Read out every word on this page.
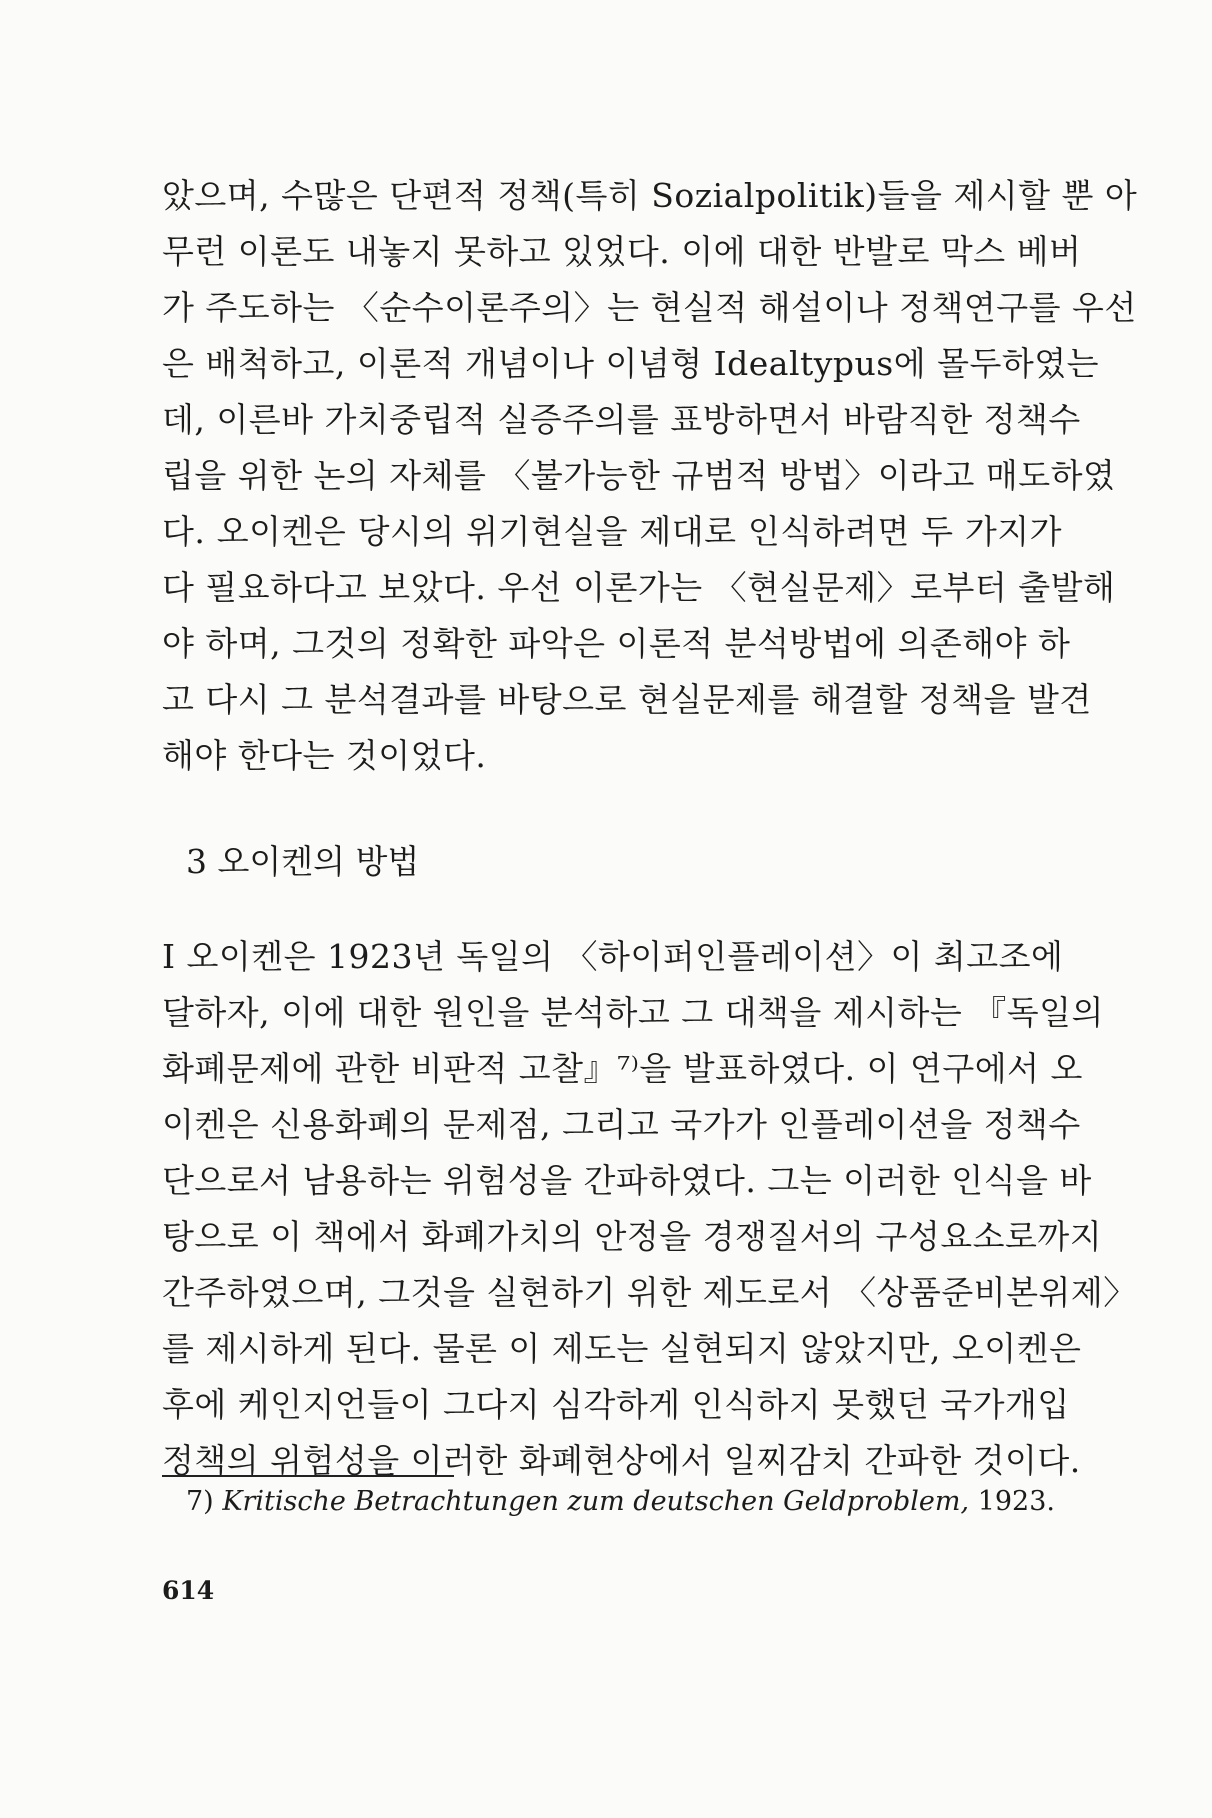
았으며, 수많은 단편적 정책(특히 Sozialpolitik)들을 제시할 뿐 아
무런 이론도 내놓지 못하고 있었다. 이에 대한 반발로 막스 베버
가 주도하는 〈순수이론주의〉는 현실적 해설이나 정책연구를 우선
은 배척하고, 이론적 개념이나 이념형 Idealtypus에 몰두하였는
데, 이른바 가치중립적 실증주의를 표방하면서 바람직한 정책수
립을 위한 논의 자체를 〈불가능한 규범적 방법〉이라고 매도하였
다. 오이켄은 당시의 위기현실을 제대로 인식하려면 두 가지가
다 필요하다고 보았다. 우선 이론가는 〈현실문제〉로부터 출발해
야 하며, 그것의 정확한 파악은 이론적 분석방법에 의존해야 하
고 다시 그 분석결과를 바탕으로 현실문제를 해결할 정책을 발견
해야 한다는 것이었다.
3 오이켄의 방법
I 오이켄은 1923년 독일의 〈하이퍼인플레이션〉이 최고조에
달하자, 이에 대한 원인을 분석하고 그 대책을 제시하는 『독일의
화폐문제에 관한 비판적 고찰』⁷⁾을 발표하였다. 이 연구에서 오
이켄은 신용화폐의 문제점, 그리고 국가가 인플레이션을 정책수
단으로서 남용하는 위험성을 간파하였다. 그는 이러한 인식을 바
탕으로 이 책에서 화폐가치의 안정을 경쟁질서의 구성요소로까지
간주하였으며, 그것을 실현하기 위한 제도로서 〈상품준비본위제〉
를 제시하게 된다. 물론 이 제도는 실현되지 않았지만, 오이켄은
후에 케인지언들이 그다지 심각하게 인식하지 못했던 국가개입
정책의 위험성을 이러한 화폐현상에서 일찌감치 간파한 것이다.
7) Kritische Betrachtungen zum deutschen Geldproblem, 1923.
614
